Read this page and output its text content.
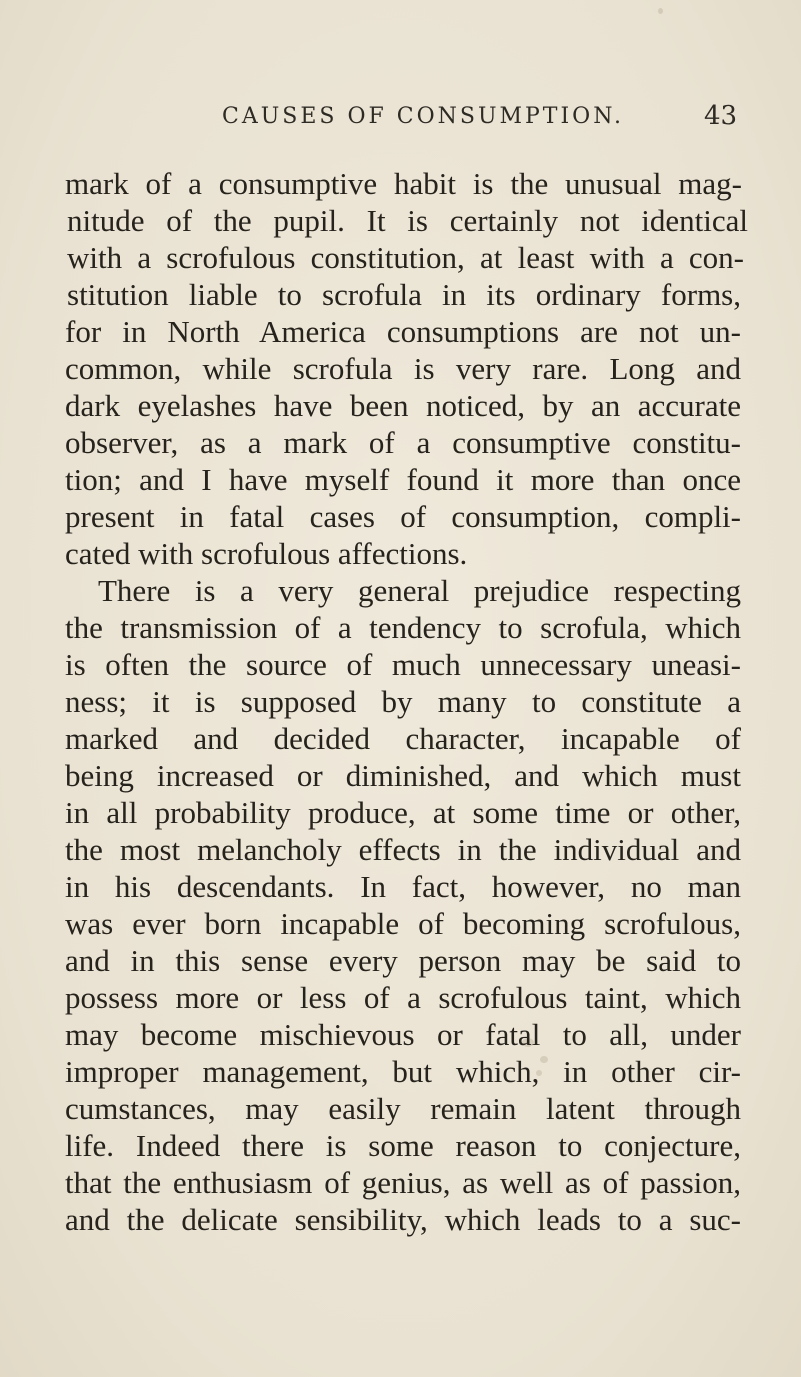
CAUSES OF CONSUMPTION.	43
mark of a consumptive habit is the unusual mag-
nitude of the pupil. It is certainly not identical
with a scrofulous constitution, at least with a con-
stitution liable to scrofula in its ordinary forms,
for in North America consumptions are not un-
common, while scrofula is very rare. Long and
dark eyelashes have been noticed, by an accurate
observer, as a mark of a consumptive constitu-
tion; and I have myself found it more than once
present in fatal cases of consumption, compli-
cated with scrofulous affections.
There is a very general prejudice respecting
the transmission of a tendency to scrofula, which
is often the source of much unnecessary uneasi-
ness; it is supposed by many to constitute a
marked and decided character, incapable of
being increased or diminished, and which must
in all probability produce, at some time or other,
the most melancholy effects in the individual and
in his descendants. In fact, however, no man
was ever born incapable of becoming scrofulous,
and in this sense every person may be said to
possess more or less of a scrofulous taint, which
may become mischievous or fatal to all, under
improper management, but which, in other cir-
cumstances, may easily remain latent through
life. Indeed there is some reason to conjecture,
that the enthusiasm of genius, as well as of passion,
and the delicate sensibility, which leads to a suc-
